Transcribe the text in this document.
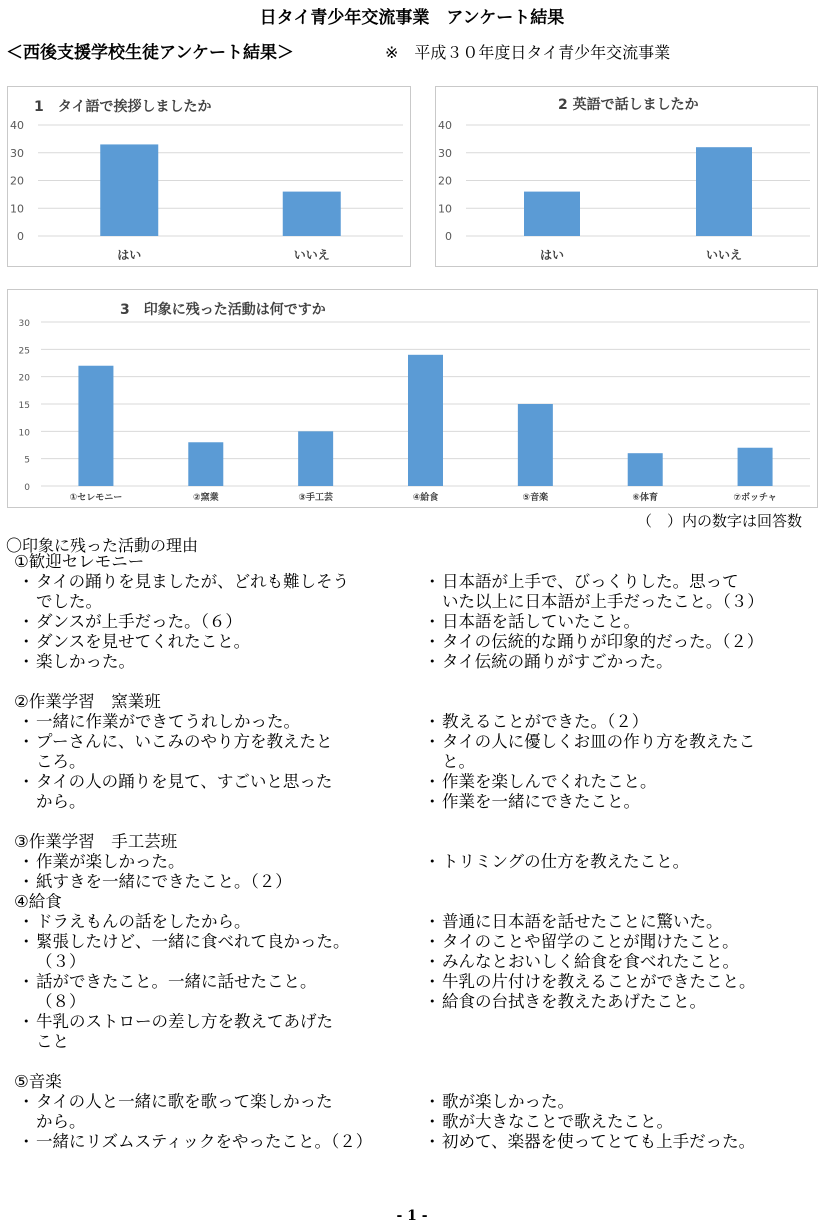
日タイ青少年交流事業　アンケート結果
＜西後支援学校生徒アンケート結果＞	※　平成３０年度日タイ青少年交流事業
1　タイ語で挨拶しましたか
0
10
20
30
40
はい	いいえ
2 英語で話しましたか
0
10
20
30
40
はい	いいえ
3　印象に残った活動は何ですか
0
5
10
15
20
25
30
①セレモニー	②窯業	③手工芸	④給食	⑤音楽	⑥体育	⑦ボッチャ
（　）内の数字は回答数
〇印象に残った活動の理由
①歓迎セレモニー
・ タイの踊りを見ましたが、どれも難しそう
でした。
・ ダンスが上手だった。（６）
・ ダンスを見せてくれたこと。
・ 楽しかった。
・ 日本語が上手で、びっくりした。思って
いた以上に日本語が上手だったこと。（３）
・ 日本語を話していたこと。
・ タイの伝統的な踊りが印象的だった。（２）
・ タイ伝統の踊りがすごかった。
②作業学習　窯業班
・ 一緒に作業ができてうれしかった。
・ プーさんに、いこみのやり方を教えたと
ころ。
・ タイの人の踊りを見て、すごいと思った
から。
・ 教えることができた。（２）
・ タイの人に優しくお皿の作り方を教えたこ
と。
・ 作業を楽しんでくれたこと。
・ 作業を一緒にできたこと。
③作業学習　手工芸班
・ 作業が楽しかった。
・ 紙すきを一緒にできたこと。（２）
・ トリミングの仕方を教えたこと。
④給食
・ ドラえもんの話をしたから。
・ 緊張したけど、一緒に食べれて良かった。
（３）
・ 話ができたこと。一緒に話せたこと。
（８）
・ 牛乳のストローの差し方を教えてあげた
こと
・ 普通に日本語を話せたことに驚いた。
・ タイのことや留学のことが聞けたこと。
・ みんなとおいしく給食を食べれたこと。
・ 牛乳の片付けを教えることができたこと。
・ 給食の台拭きを教えたあげたこと。
⑤音楽
・ タイの人と一緒に歌を歌って楽しかった
から。
・ 一緒にリズムスティックをやったこと。（２）
・ 歌が楽しかった。
・ 歌が大きなことで歌えたこと。
・ 初めて、楽器を使ってとても上手だった。
- 1 -
